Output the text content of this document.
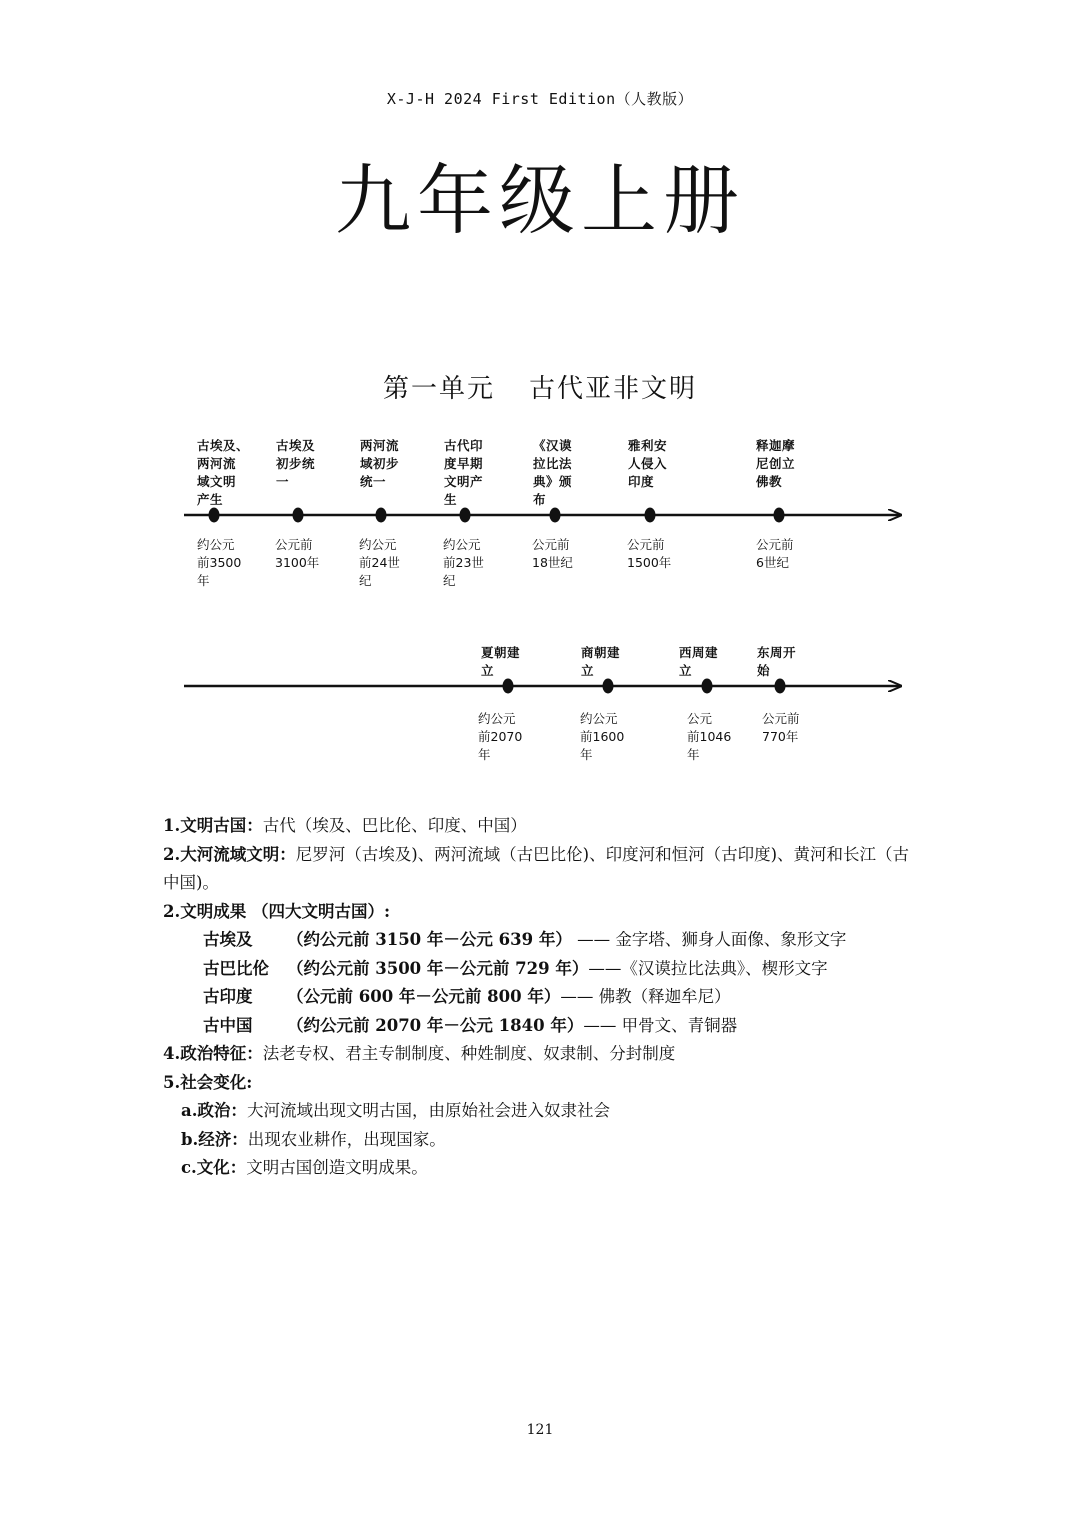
X-J-H 2024 First Edition（人教版）
九年级上册
第一单元 古代亚非文明
古埃及、
两河流
域文明
产生
古埃及
初步统
一
两河流
域初步
统一
古代印
度早期
文明产
生
《汉谟
拉比法
典》颁
布
雅利安
人侵入
印度
释迦摩
尼创立
佛教
约公元
前3500
年
公元前
3100年
约公元
前24世
纪
约公元
前23世
纪
公元前
18世纪
公元前
1500年
公元前
6世纪
夏朝建
立
商朝建
立
西周建
立
东周开
始
约公元
前2070
年
约公元
前1600
年
公元
前1046
年
公元前
770年
1.文明古国：古代（埃及、巴比伦、印度、中国）
2.大河流域文明：尼罗河（古埃及)、两河流域（古巴比伦)、印度河和恒河（古印度)、黄河和长江（古中国)。
2.文明成果 （四大文明古国）:
古埃及 （约公元前 3150 年－公元 639 年） —— 金字塔、狮身人面像、象形文字
古巴比伦 （约公元前 3500 年－公元前 729 年）——《汉谟拉比法典》、楔形文字
古印度 （公元前 600 年－公元前 800 年）—— 佛教（释迦牟尼）
古中国 （约公元前 2070 年－公元 1840 年）—— 甲骨文、青铜器
4.政治特征：法老专权、君主专制制度、种姓制度、奴隶制、分封制度
5.社会变化:
a.政治：大河流域出现文明古国，由原始社会进入奴隶社会
b.经济：出现农业耕作，出现国家。
c.文化：文明古国创造文明成果。
121
